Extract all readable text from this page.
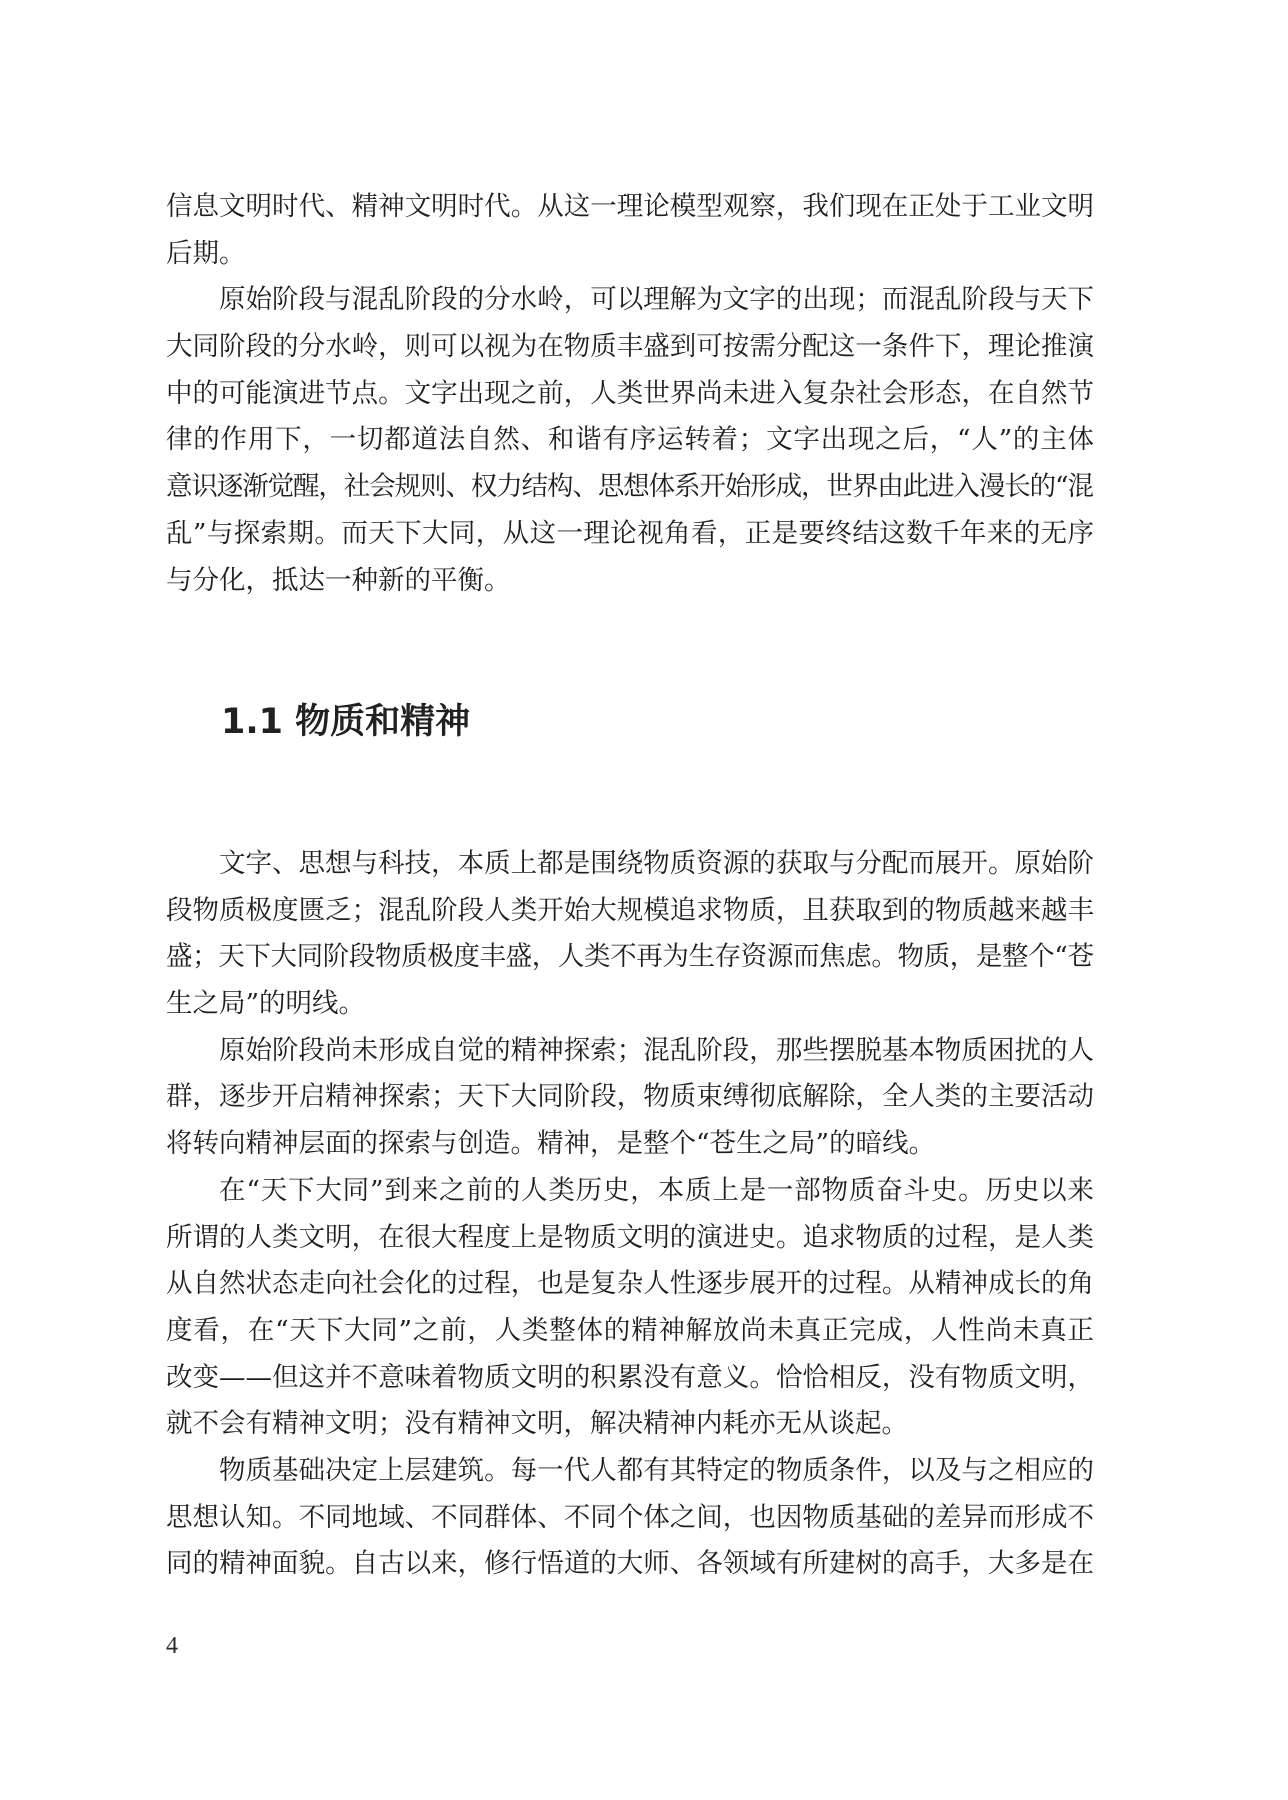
信息文明时代、精神文明时代。从这一理论模型观察，我们现在正处于工业文明
后期。
原始阶段与混乱阶段的分水岭，可以理解为文字的出现；而混乱阶段与天下
大同阶段的分水岭，则可以视为在物质丰盛到可按需分配这一条件下，理论推演
中的可能演进节点。文字出现之前，人类世界尚未进入复杂社会形态，在自然节
律的作用下，一切都道法自然、和谐有序运转着；文字出现之后，“人”的主体
意识逐渐觉醒，社会规则、权力结构、思想体系开始形成，世界由此进入漫长的“混
乱”与探索期。而天下大同，从这一理论视角看，正是要终结这数千年来的无序
与分化，抵达一种新的平衡。
1.1 物质和精神
文字、思想与科技，本质上都是围绕物质资源的获取与分配而展开。原始阶
段物质极度匮乏；混乱阶段人类开始大规模追求物质，且获取到的物质越来越丰
盛；天下大同阶段物质极度丰盛，人类不再为生存资源而焦虑。物质，是整个“苍
生之局”的明线。
原始阶段尚未形成自觉的精神探索；混乱阶段，那些摆脱基本物质困扰的人
群，逐步开启精神探索；天下大同阶段，物质束缚彻底解除，全人类的主要活动
将转向精神层面的探索与创造。精神，是整个“苍生之局”的暗线。
在“天下大同”到来之前的人类历史，本质上是一部物质奋斗史。历史以来
所谓的人类文明，在很大程度上是物质文明的演进史。追求物质的过程，是人类
从自然状态走向社会化的过程，也是复杂人性逐步展开的过程。从精神成长的角
度看，在“天下大同”之前，人类整体的精神解放尚未真正完成，人性尚未真正
改变——但这并不意味着物质文明的积累没有意义。恰恰相反，没有物质文明，
就不会有精神文明；没有精神文明，解决精神内耗亦无从谈起。
物质基础决定上层建筑。每一代人都有其特定的物质条件，以及与之相应的
思想认知。不同地域、不同群体、不同个体之间，也因物质基础的差异而形成不
同的精神面貌。自古以来，修行悟道的大师、各领域有所建树的高手，大多是在
4
